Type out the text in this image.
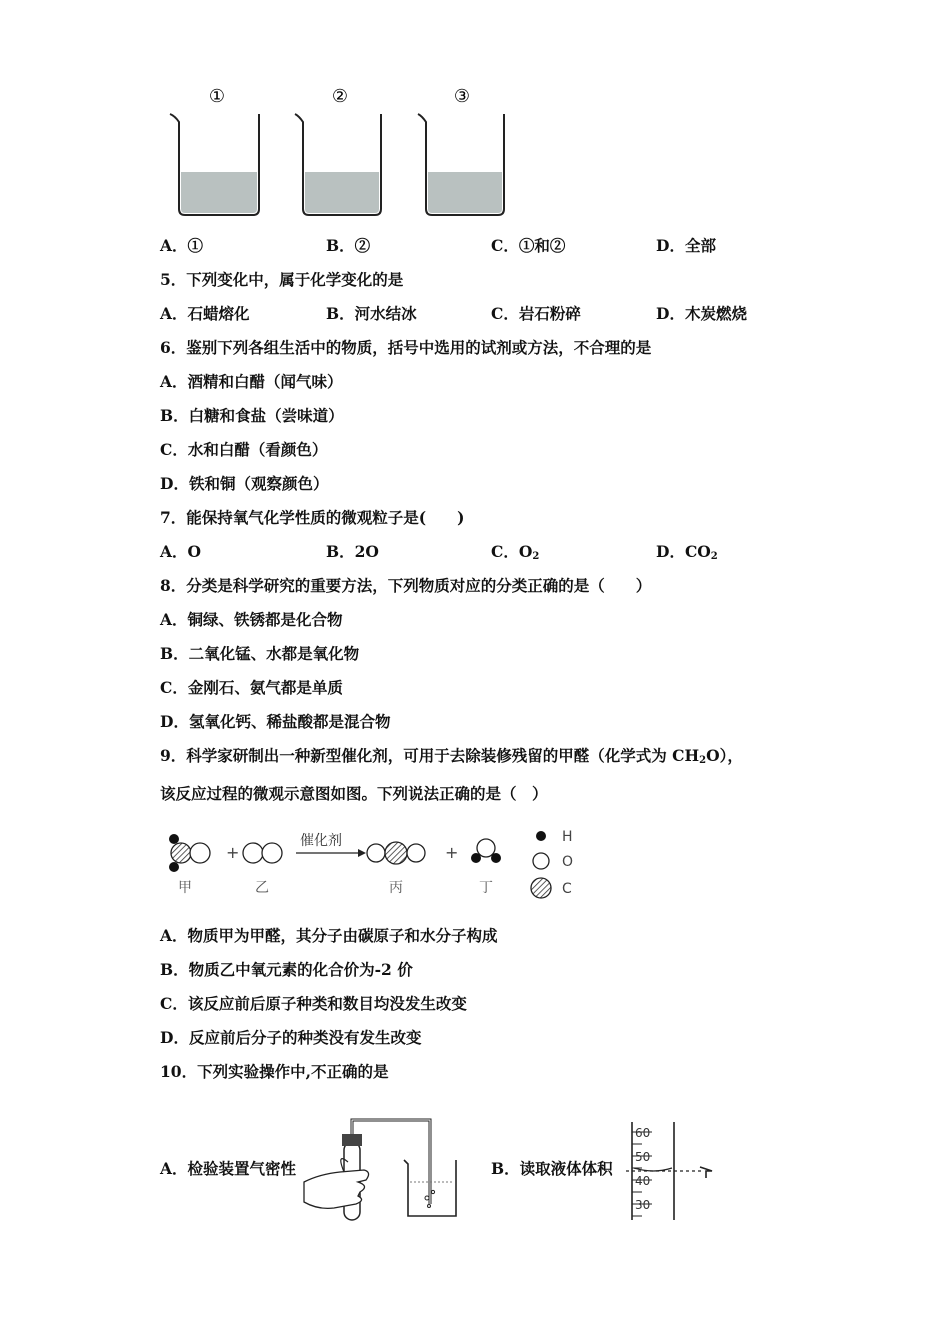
①	②	③
A．①	B．②	C．①和②	D．全部
5．下列变化中，属于化学变化的是
A．石蜡熔化	B．河水结冰	C．岩石粉碎	D．木炭燃烧
6．鉴别下列各组生活中的物质，括号中选用的试剂或方法，不合理的是
A．酒精和白醋（闻气味）
B．白糖和食盐（尝味道）
C．水和白醋（看颜色）
D．铁和铜（观察颜色）
7．能保持氧气化学性质的微观粒子是(　　)
A．O	B．2O	C．$O_2$	D．$CO_2$
8．分类是科学研究的重要方法，下列物质对应的分类正确的是（　　）
A．铜绿、铁锈都是化合物
B．二氧化锰、水都是氧化物
C．金刚石、氨气都是单质
D．氢氧化钙、稀盐酸都是混合物
9．科学家研制出一种新型催化剂，可用于去除装修残留的甲醛（化学式为 $CH_2O$），
该反应过程的微观示意图如图。下列说法正确的是（　）
+
催化剂
+
甲	乙	丙	丁
H
O
C
A．物质甲为甲醛，其分子由碳原子和水分子构成
B．物质乙中氧元素的化合价为-2 价
C．该反应前后原子种类和数目均没发生改变
D．反应前后分子的种类没有发生改变
10．下列实验操作中,不正确的是
A．检验装置气密性	B．读取液体体积
60
50
40
30
